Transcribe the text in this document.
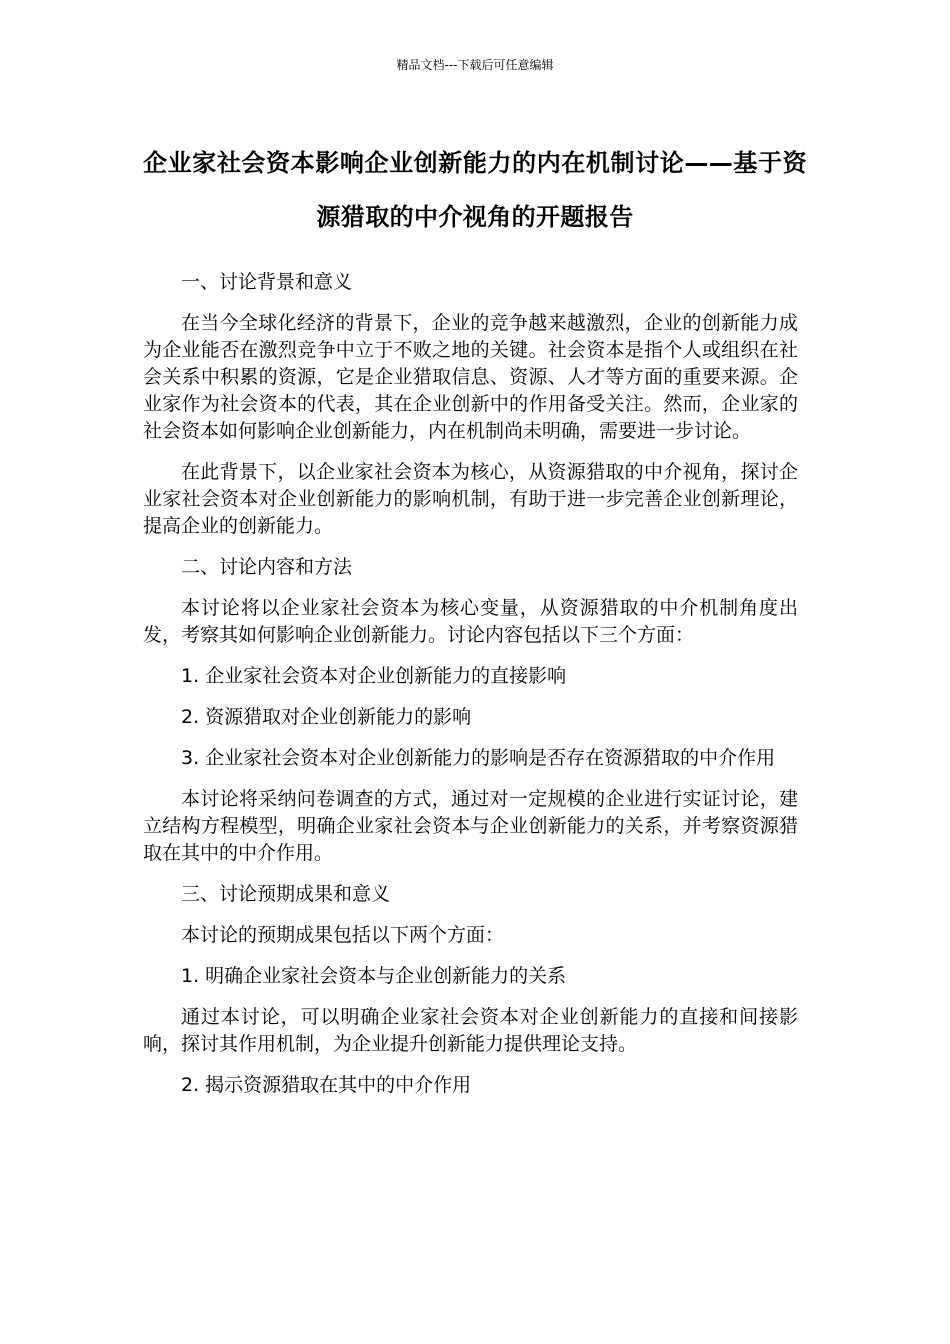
精品文档---下载后可任意编辑
企业家社会资本影响企业创新能力的内在机制讨论——基于资源猎取的中介视角的开题报告

一、讨论背景和意义

在当今全球化经济的背景下，企业的竞争越来越激烈，企业的创新能力成为企业能否在激烈竞争中立于不败之地的关键。社会资本是指个人或组织在社会关系中积累的资源，它是企业猎取信息、资源、人才等方面的重要来源。企业家作为社会资本的代表，其在企业创新中的作用备受关注。然而，企业家的社会资本如何影响企业创新能力，内在机制尚未明确，需要进一步讨论。

在此背景下，以企业家社会资本为核心，从资源猎取的中介视角，探讨企业家社会资本对企业创新能力的影响机制，有助于进一步完善企业创新理论，提高企业的创新能力。

二、讨论内容和方法

本讨论将以企业家社会资本为核心变量，从资源猎取的中介机制角度出发，考察其如何影响企业创新能力。讨论内容包括以下三个方面：

1. 企业家社会资本对企业创新能力的直接影响

2. 资源猎取对企业创新能力的影响

3. 企业家社会资本对企业创新能力的影响是否存在资源猎取的中介作用

本讨论将采纳问卷调查的方式，通过对一定规模的企业进行实证讨论，建立结构方程模型，明确企业家社会资本与企业创新能力的关系，并考察资源猎取在其中的中介作用。

三、讨论预期成果和意义

本讨论的预期成果包括以下两个方面：

1. 明确企业家社会资本与企业创新能力的关系

通过本讨论，可以明确企业家社会资本对企业创新能力的直接和间接影响，探讨其作用机制，为企业提升创新能力提供理论支持。

2. 揭示资源猎取在其中的中介作用
